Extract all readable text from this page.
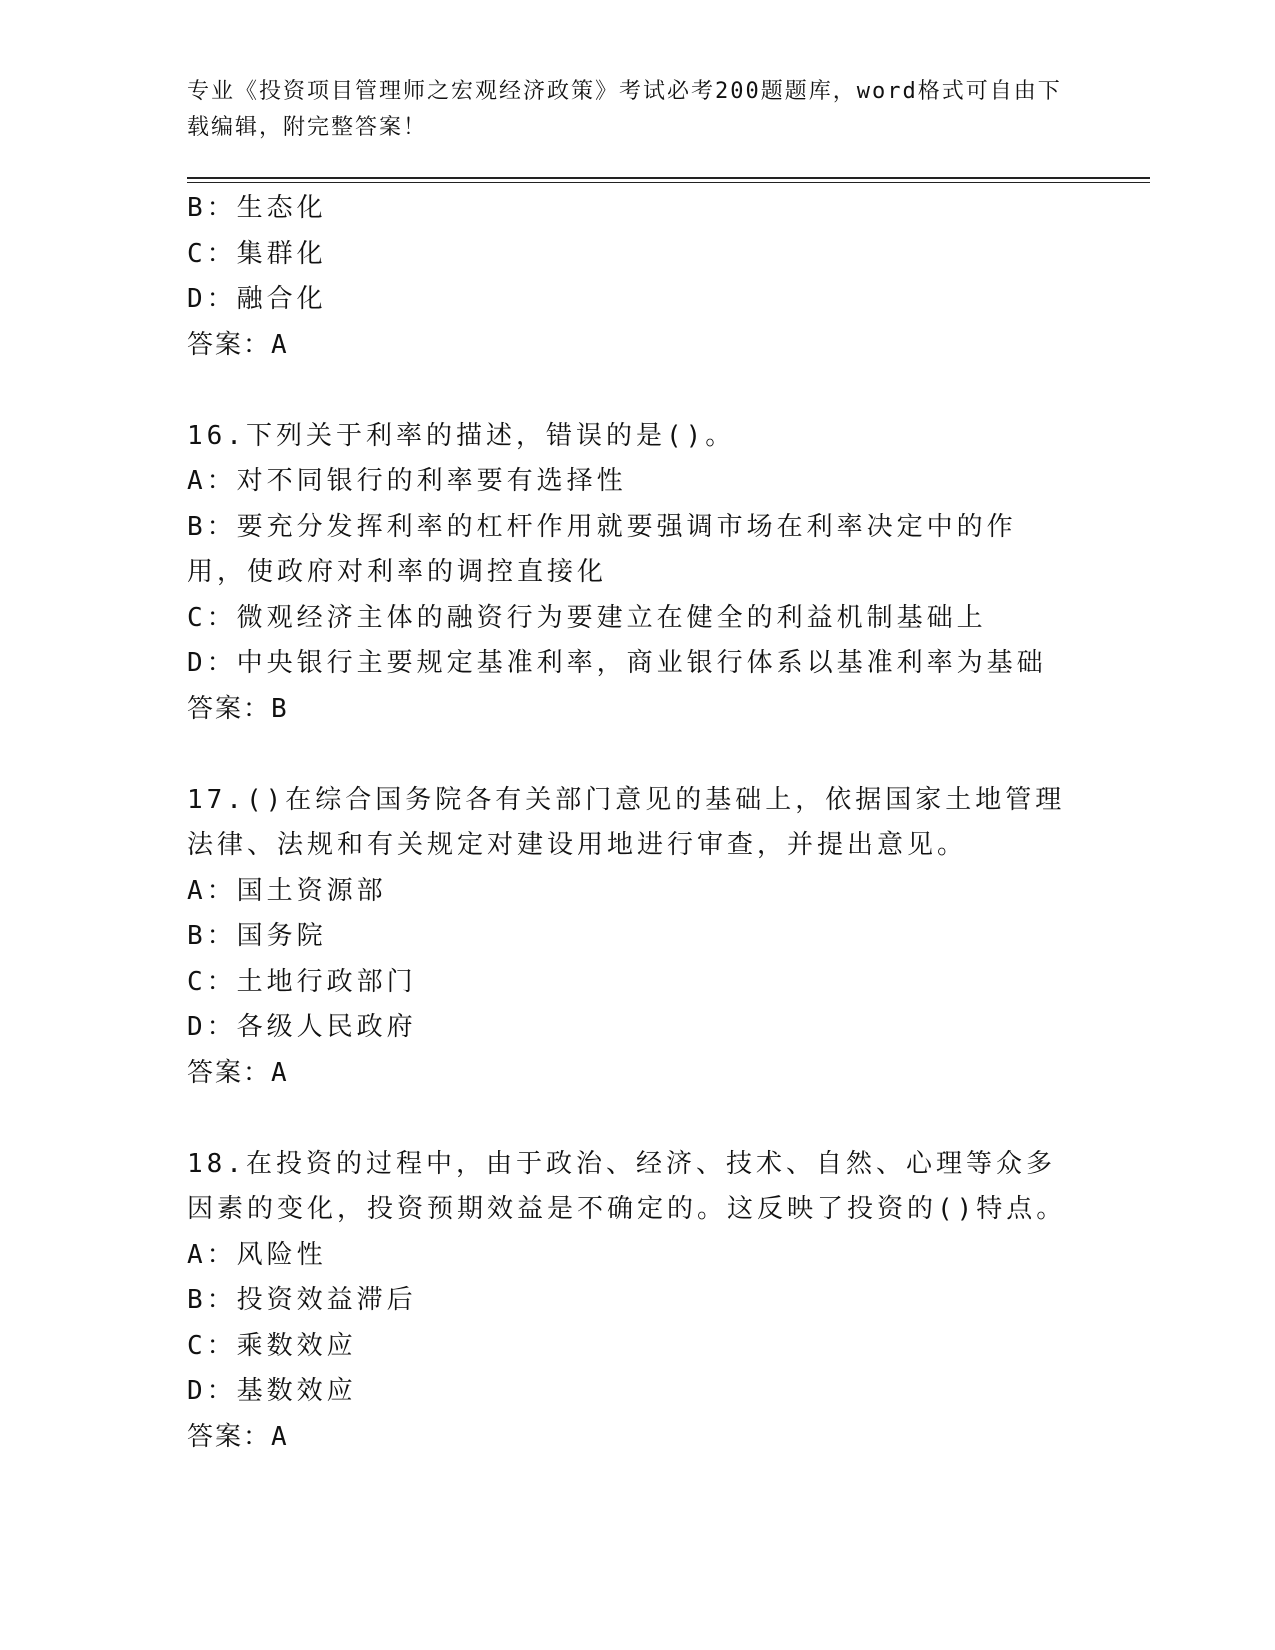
专业《投资项目管理师之宏观经济政策》考试必考200题题库，word格式可自由下载编辑，附完整答案！

B：生态化

C：集群化

D：融合化

答案：A

16.下列关于利率的描述，错误的是()。

A：对不同银行的利率要有选择性

B：要充分发挥利率的杠杆作用就要强调市场在利率决定中的作用，使政府对利率的调控直接化

C：微观经济主体的融资行为要建立在健全的利益机制基础上

D：中央银行主要规定基准利率，商业银行体系以基准利率为基础

答案：B

17.()在综合国务院各有关部门意见的基础上，依据国家土地管理法律、法规和有关规定对建设用地进行审查，并提出意见。

A：国土资源部

B：国务院

C：土地行政部门

D：各级人民政府

答案：A

18.在投资的过程中，由于政治、经济、技术、自然、心理等众多因素的变化，投资预期效益是不确定的。这反映了投资的()特点。

A：风险性

B：投资效益滞后

C：乘数效应

D：基数效应

答案：A
